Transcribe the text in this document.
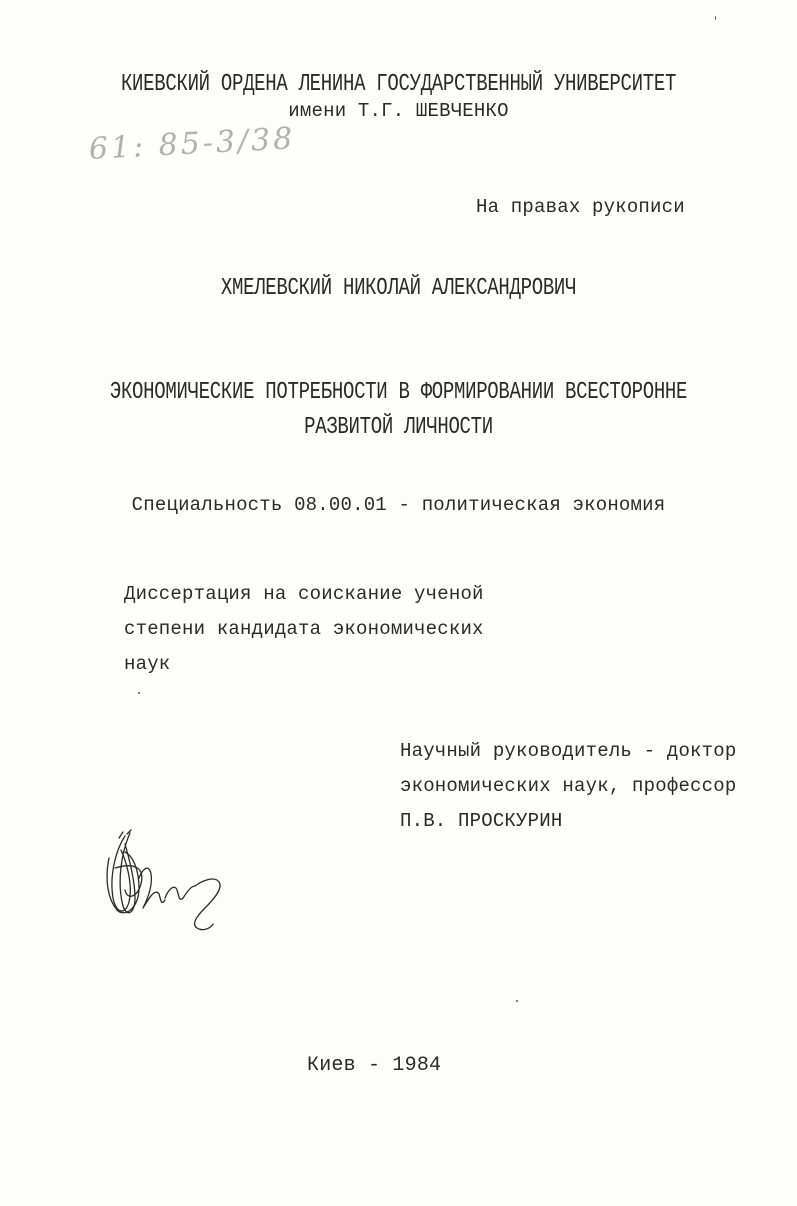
КИЕВСКИЙ ОРДЕНА ЛЕНИНА ГОСУДАРСТВЕННЫЙ УНИВЕРСИТЕТ
имени Т.Г. ШЕВЧЕНКО
61: 85-3/38
На правах рукописи
ХМЕЛЕВСКИЙ НИКОЛАЙ АЛЕКСАНДРОВИЧ
ЭКОНОМИЧЕСКИЕ ПОТРЕБНОСТИ В ФОРМИРОВАНИИ ВСЕСТОРОННЕ
РАЗВИТОЙ ЛИЧНОСТИ
Специальность 08.00.01 - политическая экономия
Диссертация на соискание ученой
степени кандидата экономических
наук
Научный руководитель - доктор
экономических наук, профессор
П.В. ПРОСКУРИН
Киев - 1984
